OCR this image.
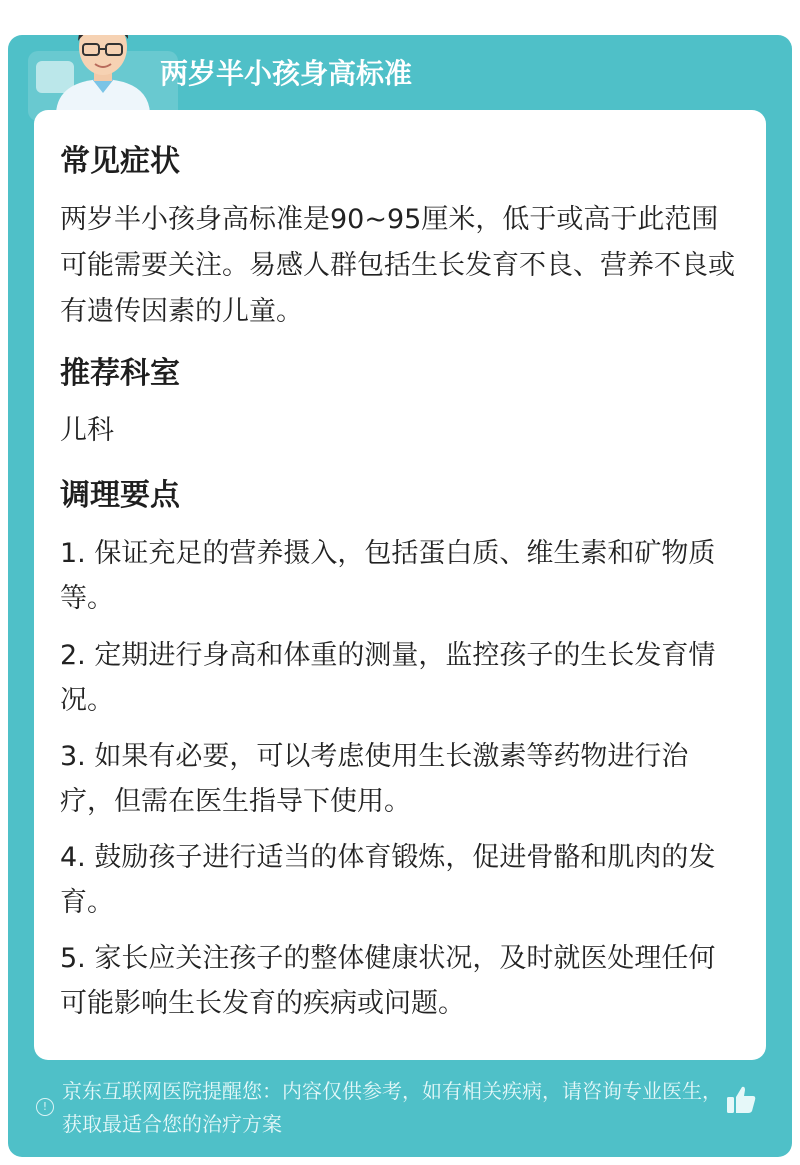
两岁半小孩身高标准
常见症状
两岁半小孩身高标准是90~95厘米，低于或高于此范围可能需要关注。易感人群包括生长发育不良、营养不良或有遗传因素的儿童。
推荐科室
儿科
调理要点
1. 保证充足的营养摄入，包括蛋白质、维生素和矿物质等。
2. 定期进行身高和体重的测量，监控孩子的生长发育情况。
3. 如果有必要，可以考虑使用生长激素等药物进行治疗，但需在医生指导下使用。
4. 鼓励孩子进行适当的体育锻炼，促进骨骼和肌肉的发育。
5. 家长应关注孩子的整体健康状况，及时就医处理任何可能影响生长发育的疾病或问题。
!
京东互联网医院提醒您：内容仅供参考，如有相关疾病，请咨询专业医生，获取最适合您的治疗方案
